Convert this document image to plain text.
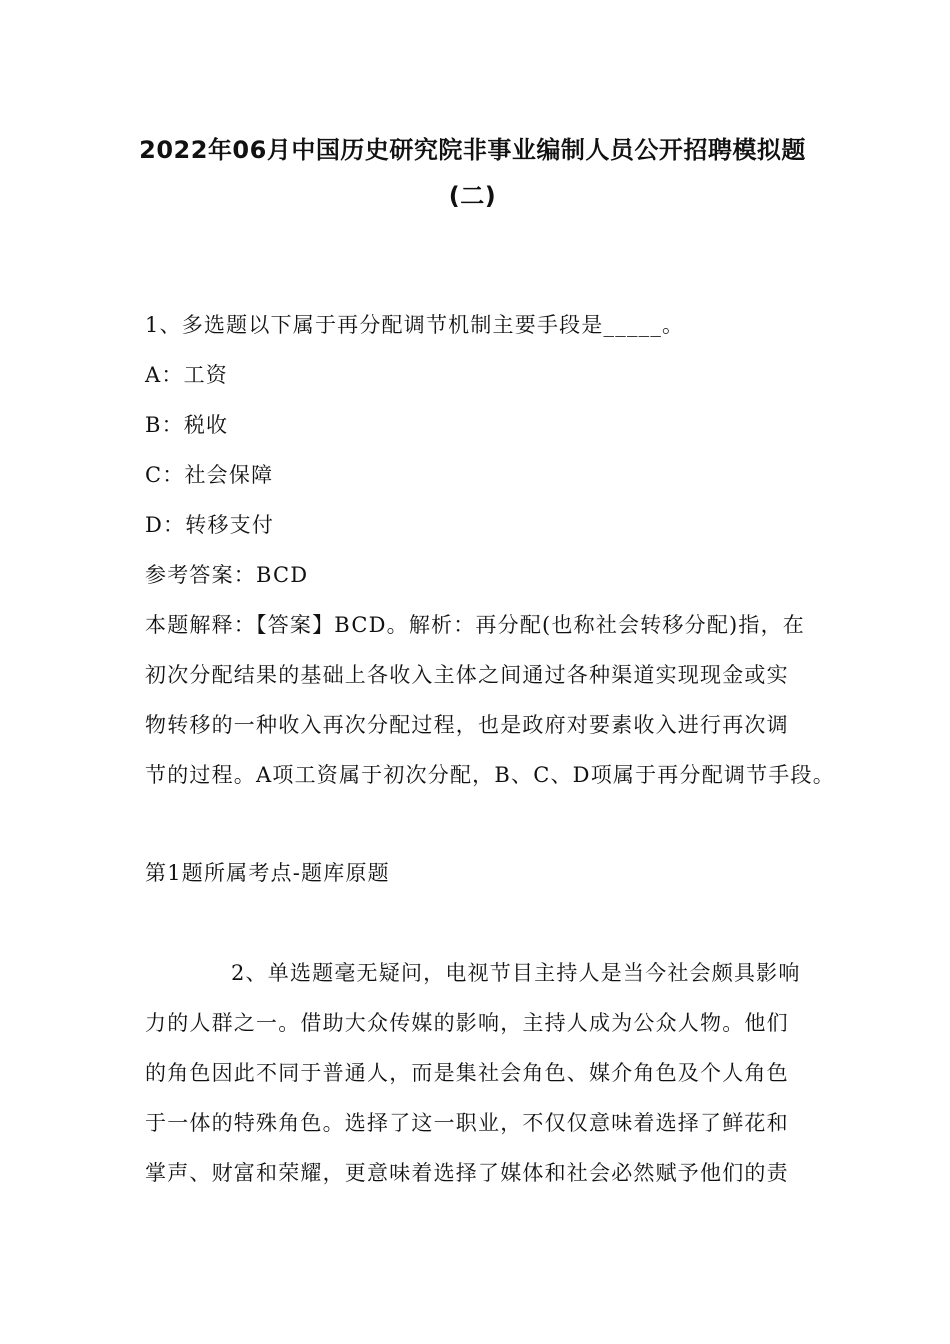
2022年06月中国历史研究院非事业编制人员公开招聘模拟题
(二)
1、多选题以下属于再分配调节机制主要手段是_____。
A：工资
B：税收
C：社会保障
D：转移支付
参考答案：BCD
本题解释：【答案】BCD。解析：再分配(也称社会转移分配)指，在
初次分配结果的基础上各收入主体之间通过各种渠道实现现金或实
物转移的一种收入再次分配过程，也是政府对要素收入进行再次调
节的过程。A项工资属于初次分配，B、C、D项属于再分配调节手段。
第1题所属考点-题库原题
2、单选题毫无疑问，电视节目主持人是当今社会颇具影响
力的人群之一。借助大众传媒的影响，主持人成为公众人物。他们
的角色因此不同于普通人，而是集社会角色、媒介角色及个人角色
于一体的特殊角色。选择了这一职业，不仅仅意味着选择了鲜花和
掌声、财富和荣耀，更意味着选择了媒体和社会必然赋予他们的责
